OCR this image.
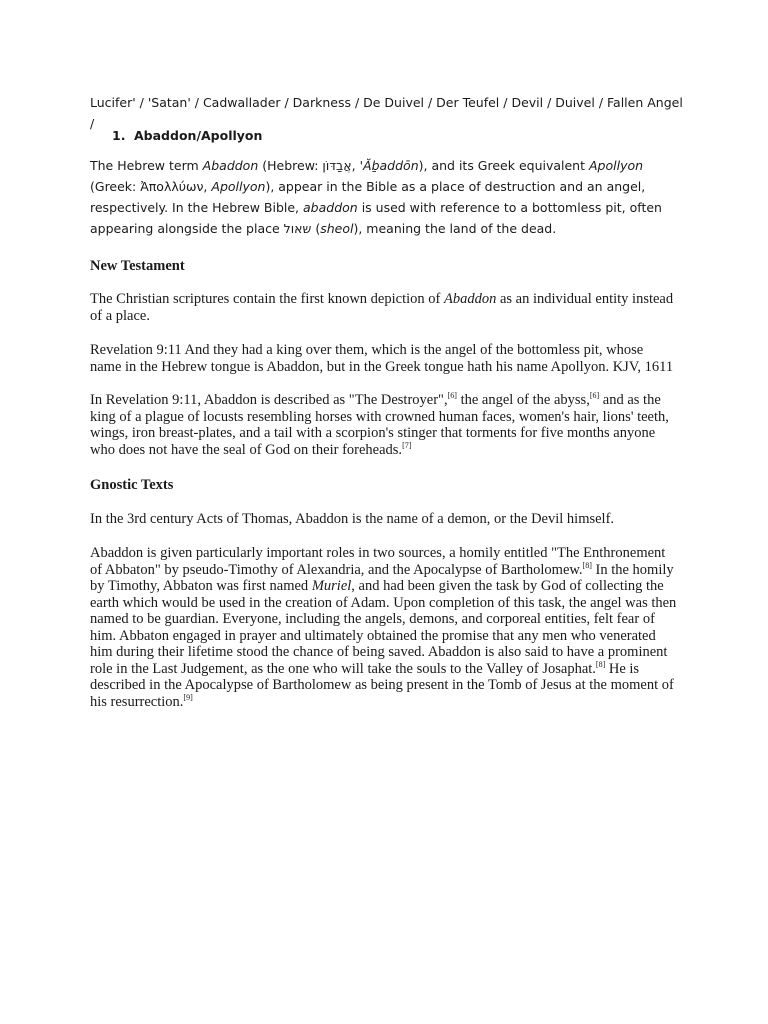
Lucifer' / 'Satan' / Cadwallader / Darkness / De Duivel / Der Teufel / Devil / Duivel / Fallen Angel /
1. Abaddon/Apollyon

The Hebrew term Abaddon (Hebrew: אֲבַדּוֹן, 'Ăḇaddōn), and its Greek equivalent Apollyon (Greek: Ἀπολλύων, Apollyon), appear in the Bible as a place of destruction and an angel, respectively. In the Hebrew Bible, abaddon is used with reference to a bottomless pit, often appearing alongside the place שאול (sheol), meaning the land of the dead.

New Testament

The Christian scriptures contain the first known depiction of Abaddon as an individual entity instead of a place.

Revelation 9:11 And they had a king over them, which is the angel of the bottomless pit, whose name in the Hebrew tongue is Abaddon, but in the Greek tongue hath his name Apollyon. KJV, 1611

In Revelation 9:11, Abaddon is described as "The Destroyer",[6] the angel of the abyss,[6] and as the king of a plague of locusts resembling horses with crowned human faces, women's hair, lions' teeth, wings, iron breast-plates, and a tail with a scorpion's stinger that torments for five months anyone who does not have the seal of God on their foreheads.[7]

Gnostic Texts

In the 3rd century Acts of Thomas, Abaddon is the name of a demon, or the Devil himself.

Abaddon is given particularly important roles in two sources, a homily entitled "The Enthronement of Abbaton" by pseudo-Timothy of Alexandria, and the Apocalypse of Bartholomew.[8] In the homily by Timothy, Abbaton was first named Muriel, and had been given the task by God of collecting the earth which would be used in the creation of Adam. Upon completion of this task, the angel was then named to be guardian. Everyone, including the angels, demons, and corporeal entities, felt fear of him. Abbaton engaged in prayer and ultimately obtained the promise that any men who venerated him during their lifetime stood the chance of being saved. Abaddon is also said to have a prominent role in the Last Judgement, as the one who will take the souls to the Valley of Josaphat.[8] He is described in the Apocalypse of Bartholomew as being present in the Tomb of Jesus at the moment of his resurrection.[9]
